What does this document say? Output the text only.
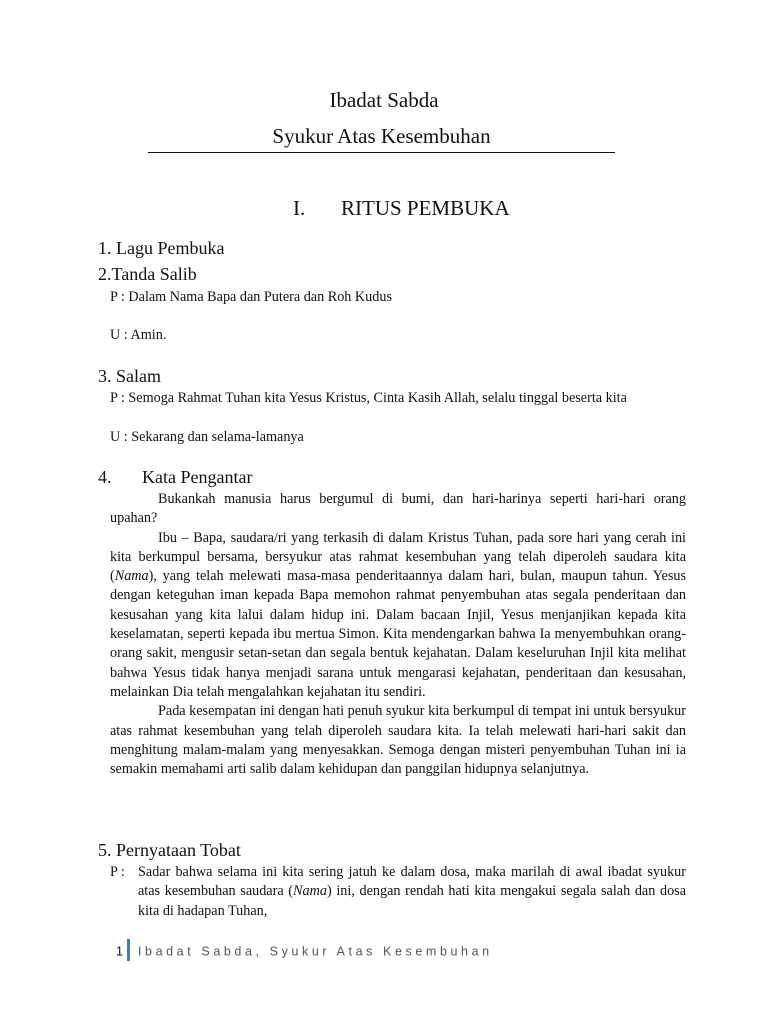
Ibadat Sabda
Syukur Atas Kesembuhan
I. RITUS PEMBUKA
1. Lagu Pembuka
2.Tanda Salib
P : Dalam Nama Bapa dan Putera dan Roh Kudus
U : Amin.
3. Salam
P : Semoga Rahmat Tuhan kita Yesus Kristus, Cinta Kasih Allah, selalu tinggal beserta kita
U : Sekarang dan selama-lamanya
4. Kata Pengantar

Bukankah manusia harus bergumul di bumi, dan hari-harinya seperti hari-hari orang upahan?

Ibu – Bapa, saudara/ri yang terkasih di dalam Kristus Tuhan, pada sore hari yang cerah ini kita berkumpul bersama, bersyukur atas rahmat kesembuhan yang telah diperoleh saudara kita (Nama), yang telah melewati masa-masa penderitaannya dalam hari, bulan, maupun tahun. Yesus dengan keteguhan iman kepada Bapa memohon rahmat penyembuhan atas segala penderitaan dan kesusahan yang kita lalui dalam hidup ini. Dalam bacaan Injil, Yesus menjanjikan kepada kita keselamatan, seperti kepada ibu mertua Simon. Kita mendengarkan bahwa Ia menyembuhkan orang-orang sakit, mengusir setan-setan dan segala bentuk kejahatan. Dalam keseluruhan Injil kita melihat bahwa Yesus tidak hanya menjadi sarana untuk mengarasi kejahatan, penderitaan dan kesusahan, melainkan Dia telah mengalahkan kejahatan itu sendiri.

Pada kesempatan ini dengan hati penuh syukur kita berkumpul di tempat ini untuk bersyukur atas rahmat kesembuhan yang telah diperoleh saudara kita. Ia telah melewati hari-hari sakit dan menghitung malam-malam yang menyesakkan. Semoga dengan misteri penyembuhan Tuhan ini ia semakin memahami arti salib dalam kehidupan dan panggilan hidupnya selanjutnya.

5. Pernyataan Tobat
P : Sadar bahwa selama ini kita sering jatuh ke dalam dosa, maka marilah di awal ibadat syukur atas kesembuhan saudara (Nama) ini, dengan rendah hati kita mengakui segala salah dan dosa kita di hadapan Tuhan,
1 Ibadat Sabda, Syukur Atas Kesembuhan
